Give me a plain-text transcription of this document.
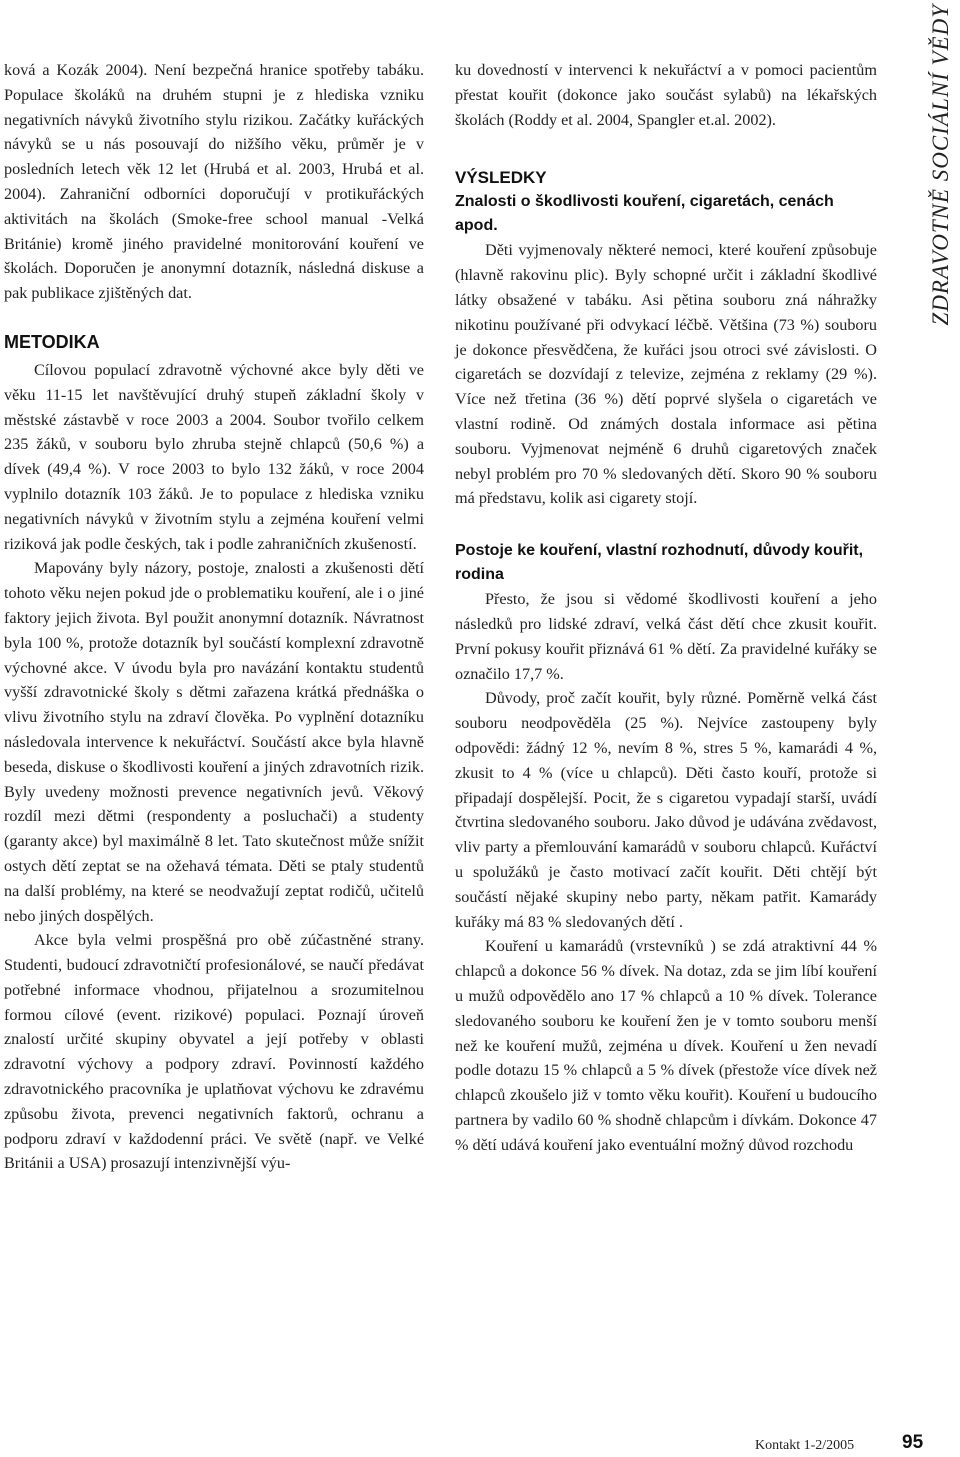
ZDRAVOTNĚ SOCIÁLNÍ VĚDY

ková a Kozák 2004). Není bezpečná hranice spotřeby tabáku. Populace školáků na druhém stupni je z hlediska vzniku negativních návyků životního stylu rizikou. Začátky kuřáckých návyků se u nás posouvají do nižšího věku, průměr je v posledních letech věk 12 let (Hrubá et al. 2003, Hrubá et al. 2004). Zahraniční odborníci doporučují v protikuřáckých aktivitách na školách (Smoke-free school manual -Velká Británie) kromě jiného pravidelné monitorování kouření ve školách. Doporučen je anonymní dotazník, následná diskuse a pak publikace zjištěných dat.

METODIKA

Cílovou populací zdravotně výchovné akce byly děti ve věku 11-15 let navštěvující druhý stupeň základní školy v městské zástavbě v roce 2003 a 2004. Soubor tvořilo celkem 235 žáků, v souboru bylo zhruba stejně chlapců (50,6 %) a dívek (49,4 %). V roce 2003 to bylo 132 žáků, v roce 2004 vyplnilo dotazník 103 žáků. Je to populace z hlediska vzniku negativních návyků v životním stylu a zejména kouření velmi riziková jak podle českých, tak i podle zahraničních zkušeností.

Mapovány byly názory, postoje, znalosti a zkušenosti dětí tohoto věku nejen pokud jde o problematiku kouření, ale i o jiné faktory jejich života. Byl použit anonymní dotazník. Návratnost byla 100 %, protože dotazník byl součástí komplexní zdravotně výchovné akce. V úvodu byla pro navázání kontaktu studentů vyšší zdravotnické školy s dětmi zařazena krátká přednáška o vlivu životního stylu na zdraví člověka. Po vyplnění dotazníku následovala intervence k nekuřáctví. Součástí akce byla hlavně beseda, diskuse o škodlivosti kouření a jiných zdravotních rizik. Byly uvedeny možnosti prevence negativních jevů. Věkový rozdíl mezi dětmi (respondenty a posluchači) a studenty (garanty akce) byl maximálně 8 let. Tato skutečnost může snížit ostych dětí zeptat se na ožehavá témata. Děti se ptaly studentů na další problémy, na které se neodvažují zeptat rodičů, učitelů nebo jiných dospělých.

Akce byla velmi prospěšná pro obě zúčastněné strany. Studenti, budoucí zdravotničtí profesionálové, se naučí předávat potřebné informace vhodnou, přijatelnou a srozumitelnou formou cílové (event. rizikové) populaci. Poznají úroveň znalostí určité skupiny obyvatel a její potřeby v oblasti zdravotní výchovy a podpory zdraví. Povinností každého zdravotnického pracovníka je uplatňovat výchovu ke zdravému způsobu života, prevenci negativních faktorů, ochranu a podporu zdraví v každodenní práci. Ve světě (např. ve Velké Británii a USA) prosazují intenzivnější výu-

ku dovedností v intervenci k nekuřáctví a v pomoci pacientům přestat kouřit (dokonce jako součást sylabů) na lékařských školách (Roddy et al. 2004, Spangler et.al. 2002).

VÝSLEDKY
Znalosti o škodlivosti kouření, cigaretách, cenách apod.

Děti vyjmenovaly některé nemoci, které kouření způsobuje (hlavně rakovinu plic). Byly schopné určit i základní škodlivé látky obsažené v tabáku. Asi pětina souboru zná náhražky nikotinu používané při odvykací léčbě. Většina (73 %) souboru je dokonce přesvědčena, že kuřáci jsou otroci své závislosti. O cigaretách se dozvídají z televize, zejména z reklamy (29 %). Více než třetina (36 %) dětí poprvé slyšela o cigaretách ve vlastní rodině. Od známých dostala informace asi pětina souboru. Vyjmenovat nejméně 6 druhů cigaretových značek nebyl problém pro 70 % sledovaných dětí. Skoro 90 % souboru má představu, kolik asi cigarety stojí.

Postoje ke kouření, vlastní rozhodnutí, důvody kouřit, rodina

Přesto, že jsou si vědomé škodlivosti kouření a jeho následků pro lidské zdraví, velká část dětí chce zkusit kouřit. První pokusy kouřit přiznává 61 % dětí. Za pravidelné kuřáky se označilo 17,7 %.

Důvody, proč začít kouřit, byly různé. Poměrně velká část souboru neodpověděla (25 %). Nejvíce zastoupeny byly odpovědi: žádný 12 %, nevím 8 %, stres 5 %, kamarádi 4 %, zkusit to 4 % (více u chlapců). Děti často kouří, protože si připadají dospělejší. Pocit, že s cigaretou vypadají starší, uvádí čtvrtina sledovaného souboru. Jako důvod je udávána zvědavost, vliv party a přemlouvání kamarádů v souboru chlapců. Kuřáctví u spolužáků je často motivací začít kouřit. Děti chtějí být součástí nějaké skupiny nebo party, někam patřit. Kamarády kuřáky má 83 % sledovaných dětí .

Kouření u kamarádů (vrstevníků ) se zdá atraktivní 44 % chlapců a dokonce 56 % dívek. Na dotaz, zda se jim líbí kouření u mužů odpovědělo ano 17 % chlapců a 10 % dívek. Tolerance sledovaného souboru ke kouření žen je v tomto souboru menší než ke kouření mužů, zejména u dívek. Kouření u žen nevadí podle dotazu 15 % chlapců a 5 % dívek (přestože více dívek než chlapců zkoušelo již v tomto věku kouřit). Kouření u budoucího partnera by vadilo 60 % shodně chlapcům i dívkám. Dokonce 47 % dětí udává kouření jako eventuální možný důvod rozchodu

Kontakt 1-2/2005	95
